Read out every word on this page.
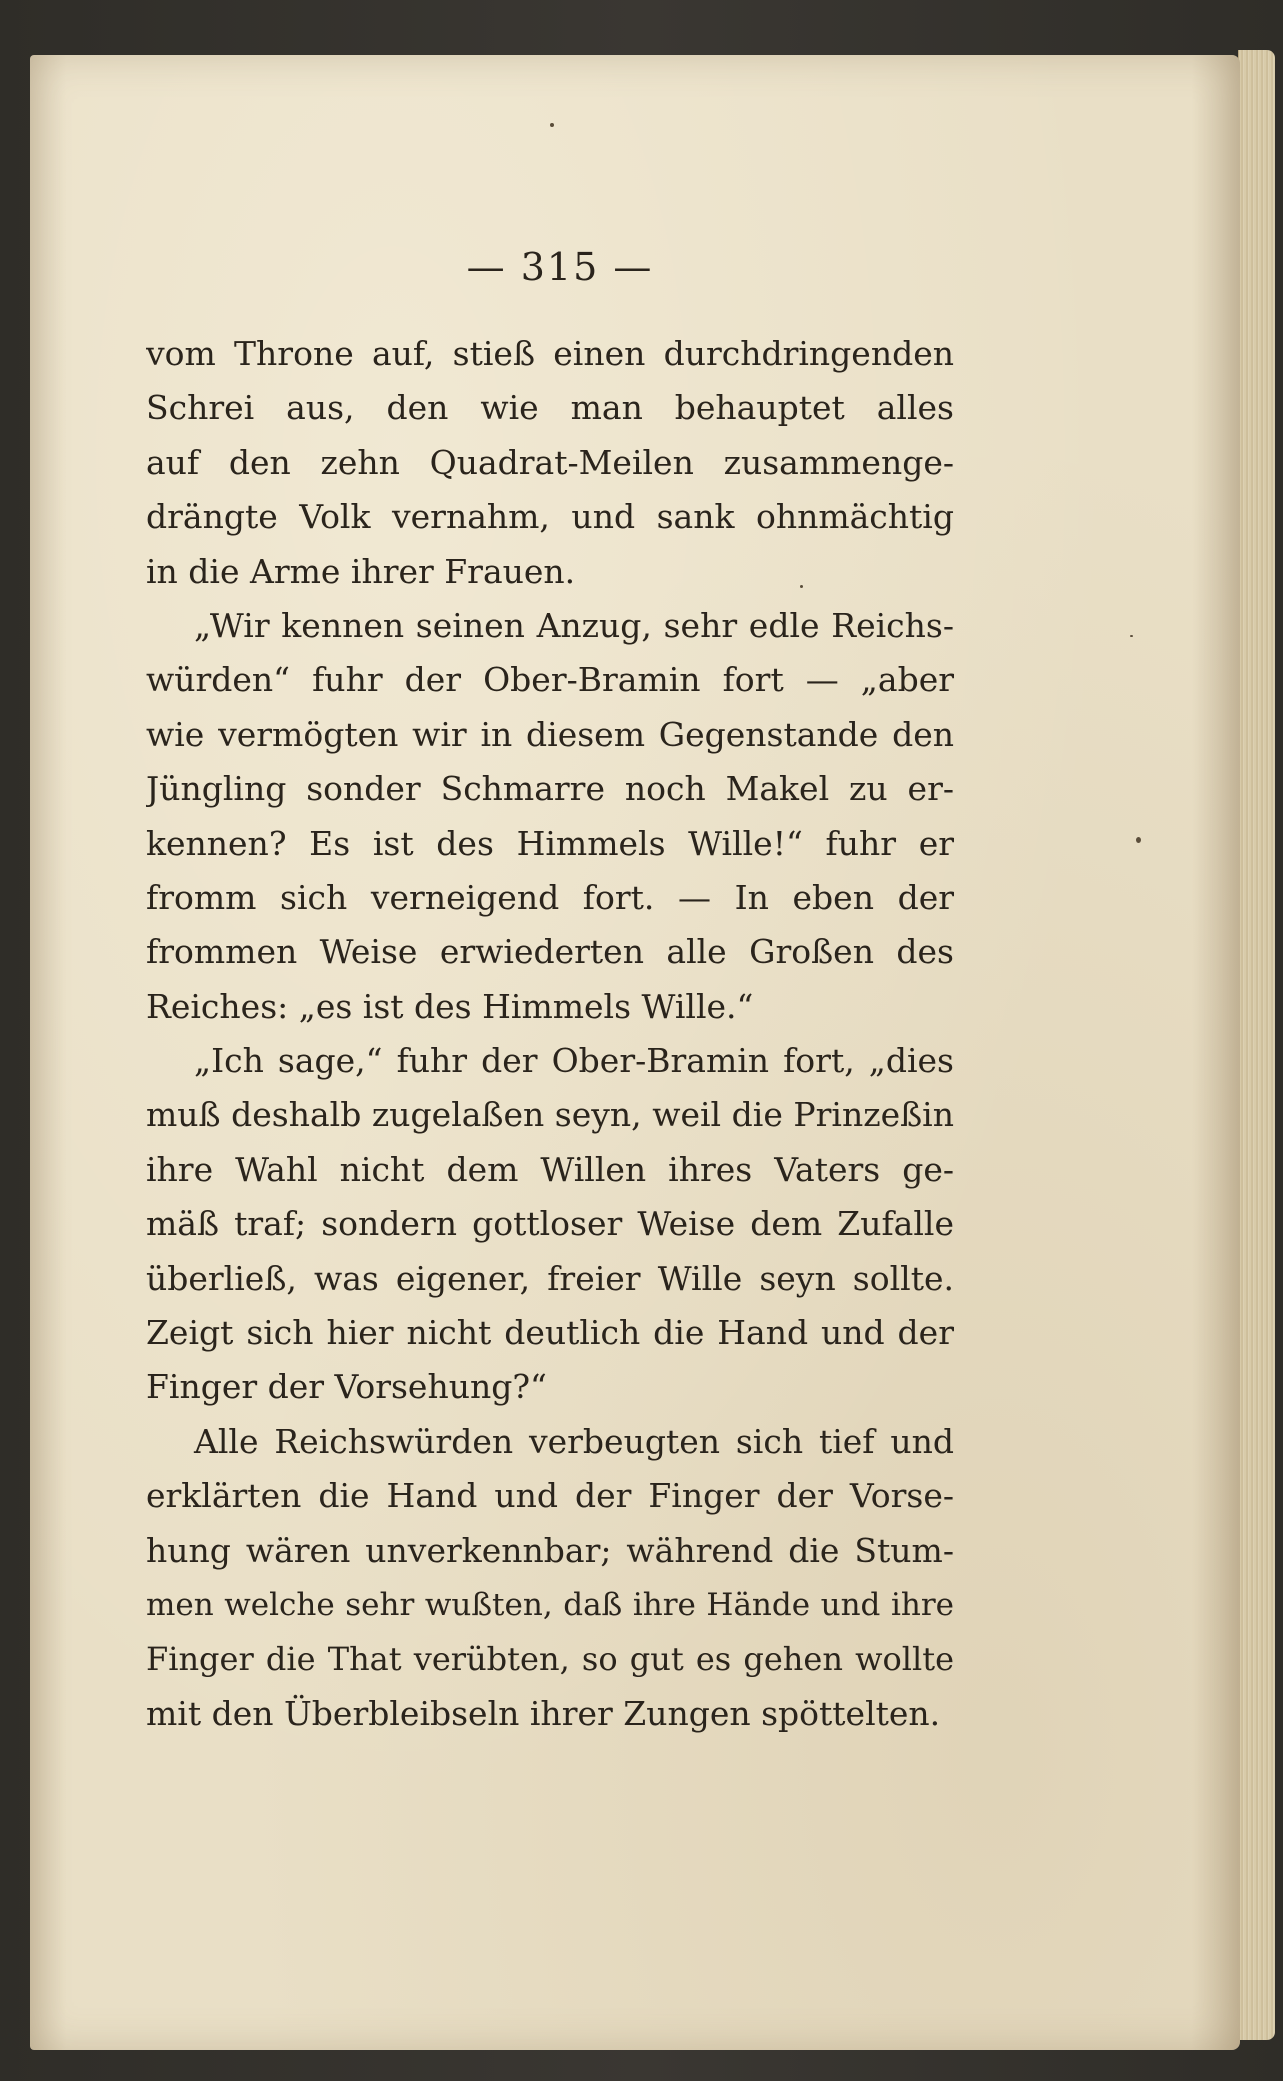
— 315 —
vom Throne auf, stieß einen durchdringenden
Schrei aus, den wie man behauptet alles
auf den zehn Quadrat-Meilen zusammenge-
drängte Volk vernahm, und sank ohnmächtig
in die Arme ihrer Frauen.
„Wir kennen seinen Anzug, sehr edle Reichs-
würden“ fuhr der Ober-Bramin fort — „aber
wie vermögten wir in diesem Gegenstande den
Jüngling sonder Schmarre noch Makel zu er-
kennen? Es ist des Himmels Wille!“ fuhr er
fromm sich verneigend fort. — In eben der
frommen Weise erwiederten alle Großen des
Reiches: „es ist des Himmels Wille.“
„Ich sage,“ fuhr der Ober-Bramin fort, „dies
muß deshalb zugelaßen seyn, weil die Prinzeßin
ihre Wahl nicht dem Willen ihres Vaters ge-
mäß traf; sondern gottloser Weise dem Zufalle
überließ, was eigener, freier Wille seyn sollte.
Zeigt sich hier nicht deutlich die Hand und der
Finger der Vorsehung?“
Alle Reichswürden verbeugten sich tief und
erklärten die Hand und der Finger der Vorse-
hung wären unverkennbar; während die Stum-
men welche sehr wußten, daß ihre Hände und ihre
Finger die That verübten, so gut es gehen wollte
mit den Überbleibseln ihrer Zungen spöttelten.
